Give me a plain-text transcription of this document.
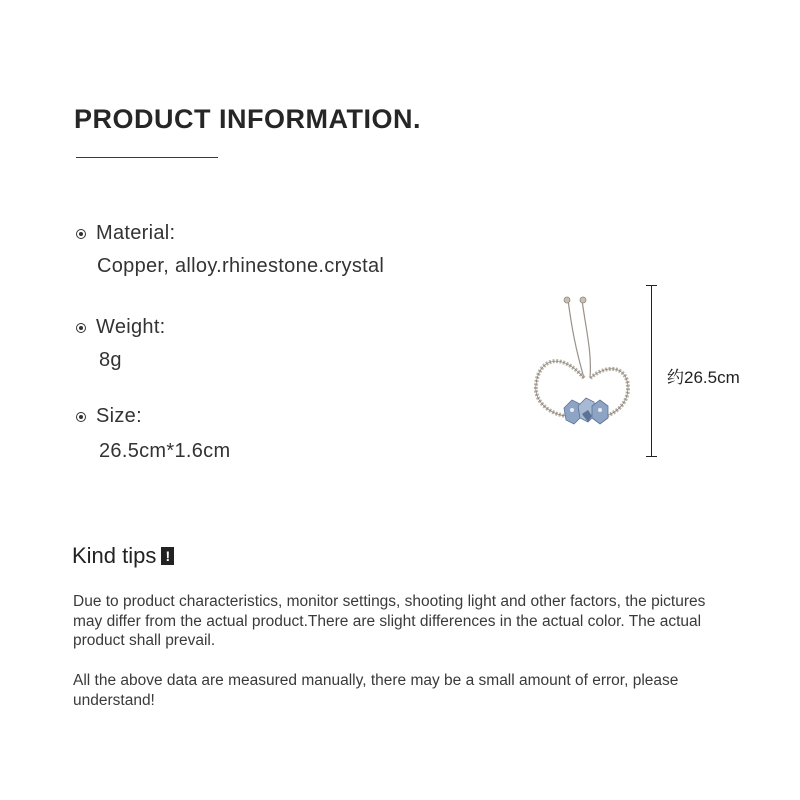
PRODUCT INFORMATION.
Material:
Copper, alloy.rhinestone.crystal
Weight:
8g
Size:
26.5cm*1.6cm
约26.5cm
Kind tips !
Due to product characteristics, monitor settings, shooting light and other factors, the pictures may differ from the actual product.There are slight differences in the actual color. The actual product shall prevail.
All the above data are measured manually, there may be a small amount of error, please understand!
